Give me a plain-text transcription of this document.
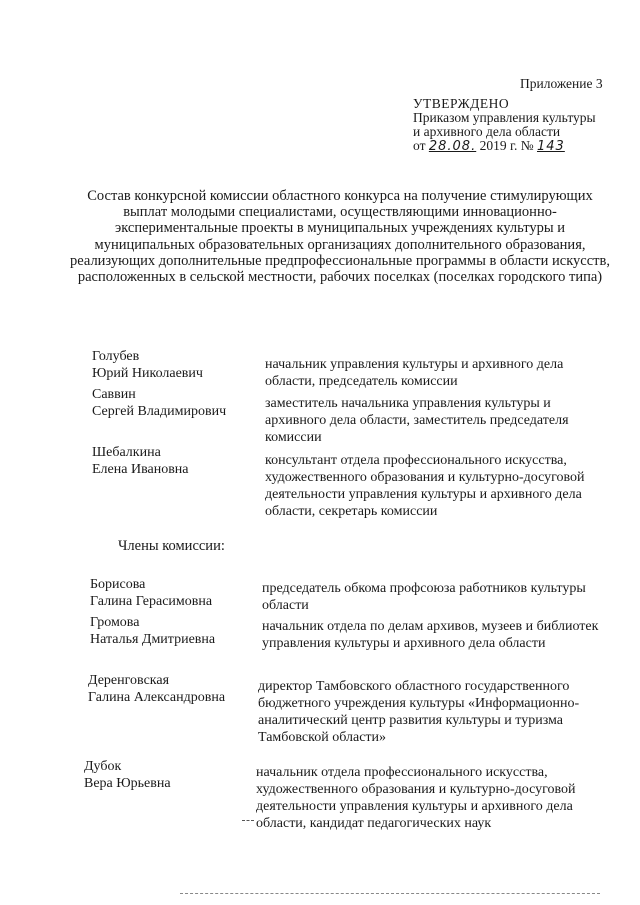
Приложение 3
УТВЕРЖДЕНО
Приказом управления культуры
и архивного дела области
от 28.08. 2019 г. № 143
Состав конкурсной комиссии областного конкурса на получение стимулирующих выплат молодыми специалистами, осуществляющими инновационно-экспериментальные проекты в муниципальных учреждениях культуры и муниципальных образовательных организациях дополнительного образования, реализующих дополнительные предпрофессиональные программы в области искусств, расположенных в сельской местности, рабочих поселках (поселках городского типа)
Голубев
Юрий Николаевич
начальник управления культуры и архивного дела области, председатель комиссии
Саввин
Сергей Владимирович
заместитель начальника управления культуры и архивного дела области, заместитель председателя комиссии
Шебалкина
Елена Ивановна
консультант отдела профессионального искусства, художественного образования и культурно-досуговой деятельности управления культуры и архивного дела области, секретарь комиссии
Члены комиссии:
Борисова
Галина Герасимовна
председатель обкома профсоюза работников культуры области
Громова
Наталья Дмитриевна
начальник отдела по делам архивов, музеев и библиотек управления культуры и архивного дела области
Деренговская
Галина Александровна
директор Тамбовского областного государственного бюджетного учреждения культуры «Информационно-аналитический центр развития культуры и туризма Тамбовской области»
Дубок
Вера Юрьевна
начальник отдела профессионального искусства, художественного образования и культурно-досуговой деятельности управления культуры и архивного дела области, кандидат педагогических наук
